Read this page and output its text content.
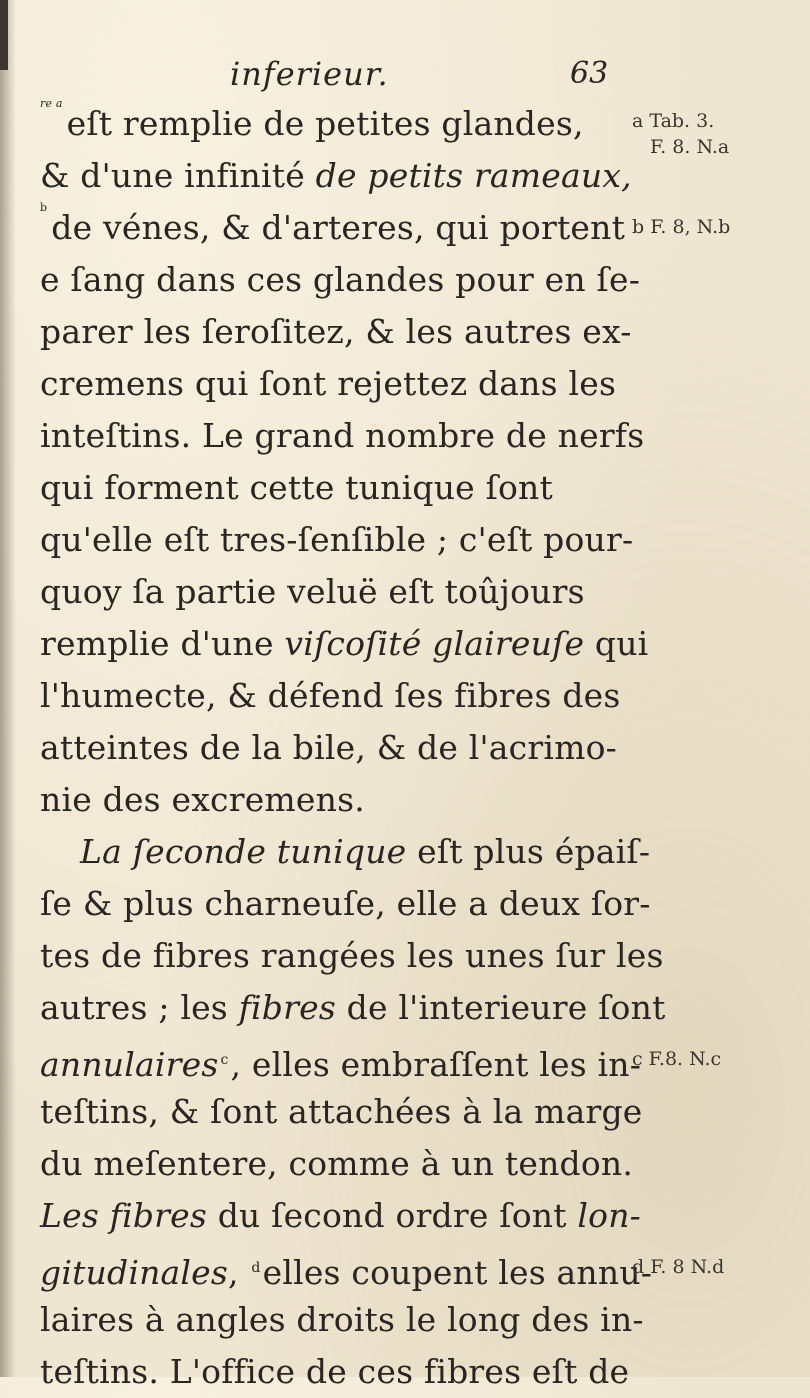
inferieur.	63
$^{re a}$eſt remplie de petites glandes,
& d'une infinité de petits rameaux,
$^b$de vénes, & d'arteres, qui portent
e ſang dans ces glandes pour en ſe-
parer les ſeroſitez, & les autres ex-
cremens qui ſont rejettez dans les
inteſtins. Le grand nombre de nerfs
qui forment cette tunique ſont
qu'elle eſt tres-ſenſible ; c'eſt pour-
quoy ſa partie veluë eſt toûjours
remplie d'une viſcoſité glaireuſe qui
l'humecte, & défend ſes fibres des
atteintes de la bile, & de l'acrimo-
nie des excremens.
La ſeconde tunique eſt plus épaiſ-
ſe & plus charneuſe, elle a deux ſor-
tes de fibres rangées les unes ſur les
autres ; les fibres de l'interieure ſont
annulaires $^c$, elles embraſſent les in-
teſtins, & ſont attachées à la marge
du meſentere, comme à un tendon.
Les fibres du ſecond ordre ſont lon-
gitudinales, $^d$elles coupent les annu-
laires à angles droits le long des in-
teſtins. L'office de ces fibres eſt de
a Tab. 3.
F. 8. N.a
b F. 8, N.b
c F.8. N.c
d F. 8 N.d
